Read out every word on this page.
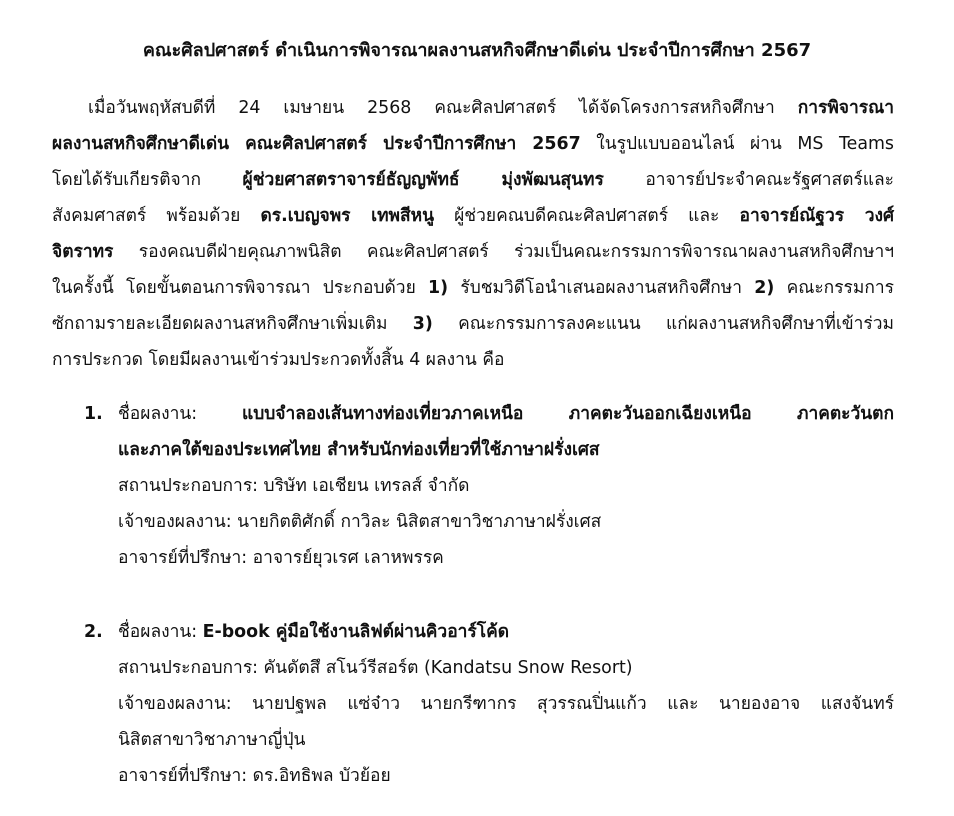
คณะศิลปศาสตร์ ดำเนินการพิจารณาผลงานสหกิจศึกษาดีเด่น ประจำปีการศึกษา 2567
เมื่อวันพฤหัสบดีที่ 24 เมษายน 2568 คณะศิลปศาสตร์ ได้จัดโครงการสหกิจศึกษา การพิจารณา
ผลงานสหกิจศึกษาดีเด่น คณะศิลปศาสตร์ ประจำปีการศึกษา 2567 ในรูปแบบออนไลน์ ผ่าน MS Teams
โดยได้รับเกียรติจาก ผู้ช่วยศาสตราจารย์ธัญญพัทธ์ มุ่งพัฒนสุนทร อาจารย์ประจำคณะรัฐศาสตร์และ
สังคมศาสตร์ พร้อมด้วย ดร.เบญจพร เทพสีหนู ผู้ช่วยคณบดีคณะศิลปศาสตร์ และ อาจารย์ณัฐวร วงศ์
จิตราทร รองคณบดีฝ่ายคุณภาพนิสิต คณะศิลปศาสตร์ ร่วมเป็นคณะกรรมการพิจารณาผลงานสหกิจศึกษาฯ
ในครั้งนี้ โดยขั้นตอนการพิจารณา ประกอบด้วย 1) รับชมวิดีโอนำเสนอผลงานสหกิจศึกษา 2) คณะกรรมการ
ซักถามรายละเอียดผลงานสหกิจศึกษาเพิ่มเติม 3) คณะกรรมการลงคะแนน แก่ผลงานสหกิจศึกษาที่เข้าร่วม
การประกวด โดยมีผลงานเข้าร่วมประกวดทั้งสิ้น 4 ผลงาน คือ
1. ชื่อผลงาน: แบบจำลองเส้นทางท่องเที่ยวภาคเหนือ ภาคตะวันออกเฉียงเหนือ ภาคตะวันตก
และภาคใต้ของประเทศไทย สำหรับนักท่องเที่ยวที่ใช้ภาษาฝรั่งเศส
สถานประกอบการ: บริษัท เอเชียน เทรลส์ จำกัด
เจ้าของผลงาน: นายกิตติศักดิ์ กาวิละ นิสิตสาขาวิชาภาษาฝรั่งเศส
อาจารย์ที่ปรึกษา: อาจารย์ยุวเรศ เลาหพรรค
2. ชื่อผลงาน: E-book คู่มือใช้งานลิฟต์ผ่านคิวอาร์โค้ด
สถานประกอบการ: คันดัตสึ สโนว์รีสอร์ต (Kandatsu Snow Resort)
เจ้าของผลงาน: นายปฐพล แซ่จ๋าว นายกรีฑากร สุวรรณปิ่นแก้ว และ นายองอาจ แสงจันทร์
นิสิตสาขาวิชาภาษาญี่ปุ่น
อาจารย์ที่ปรึกษา: ดร.อิทธิพล บัวย้อย
